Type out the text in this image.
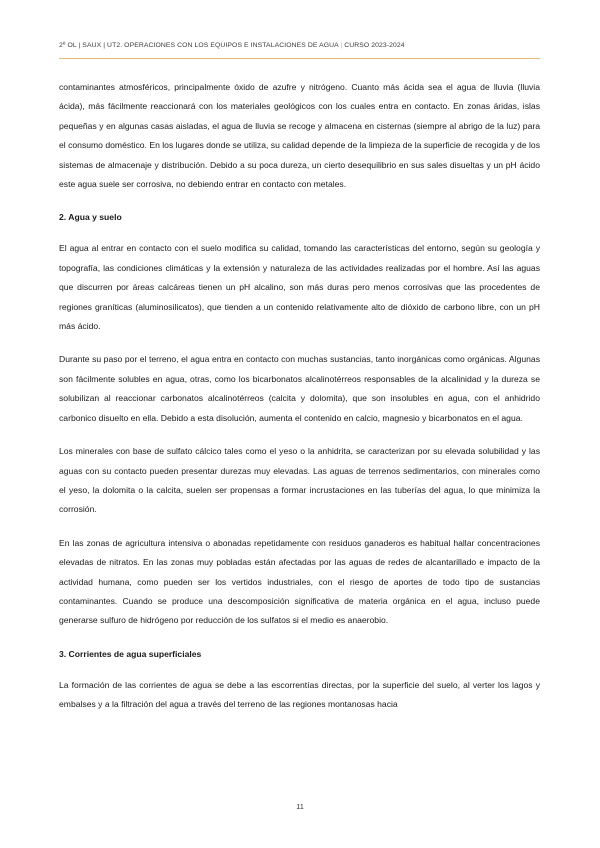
2º OL | SAUX | UT2. OPERACIONES CON LOS EQUIPOS E INSTALACIONES DE AGUA | CURSO 2023-2024

contaminantes atmosféricos, principalmente óxido de azufre y nitrógeno. Cuanto más ácida sea el agua de lluvia (lluvia ácida), más fácilmente reaccionará con los materiales geológicos con los cuales entra en contacto. En zonas áridas, islas pequeñas y en algunas casas aisladas, el agua de lluvia se recoge y almacena en cisternas (siempre al abrigo de la luz) para el consumo doméstico. En los lugares donde se utiliza, su calidad depende de la limpieza de la superficie de recogida y de los sistemas de almacenaje y distribución. Debido a su poca dureza, un cierto desequilibrio en sus sales disueltas y un pH ácido este agua suele ser corrosiva, no debiendo entrar en contacto con metales.

2. Agua y suelo

El agua al entrar en contacto con el suelo modifica su calidad, tomando las características del entorno, según su geología y topografía, las condiciones climáticas y la extensión y naturaleza de las actividades realizadas por el hombre. Así las aguas que discurren por áreas calcáreas tienen un pH alcalino, son más duras pero menos corrosivas que las procedentes de regiones graníticas (aluminosilicatos), que tienden a un contenido relativamente alto de dióxido de carbono libre, con un pH más ácido.

Durante su paso por el terreno, el agua entra en contacto con muchas sustancias, tanto inorgánicas como orgánicas. Algunas son fácilmente solubles en agua, otras, como los bicarbonatos alcalinotérreos responsables de la alcalinidad y la dureza se solubilizan al reaccionar carbonatos alcalinotérreos (calcita y dolomita), que son insolubles en agua, con el anhidrido carbonico disuelto en ella. Debido a esta disolución, aumenta el contenido en calcio, magnesio y bicarbonatos en el agua.

Los minerales con base de sulfato cálcico tales como el yeso o la anhidrita, se caracterizan por su elevada solubilidad y las aguas con su contacto pueden presentar durezas muy elevadas. Las aguas de terrenos sedimentarios, con minerales como el yeso, la dolomita o la calcita, suelen ser propensas a formar incrustaciones en las tuberías del agua, lo que minimiza la corrosión.

En las zonas de agricultura intensiva o abonadas repetidamente con residuos ganaderos es habitual hallar concentraciones elevadas de nitratos. En las zonas muy pobladas están afectadas por las aguas de redes de alcantarillado e impacto de la actividad humana, como pueden ser los vertidos industriales, con el riesgo de aportes de todo tipo de sustancias contaminantes. Cuando se produce una descomposición significativa de materia orgánica en el agua, incluso puede generarse sulfuro de hidrógeno por reducción de los sulfatos si el medio es anaerobio.

3. Corrientes de agua superficiales

La formación de las corrientes de agua se debe a las escorrentías directas, por la superficie del suelo, al verter los lagos y embalses y a la filtración del agua a través del terreno de las regiones montanosas hacia

11
